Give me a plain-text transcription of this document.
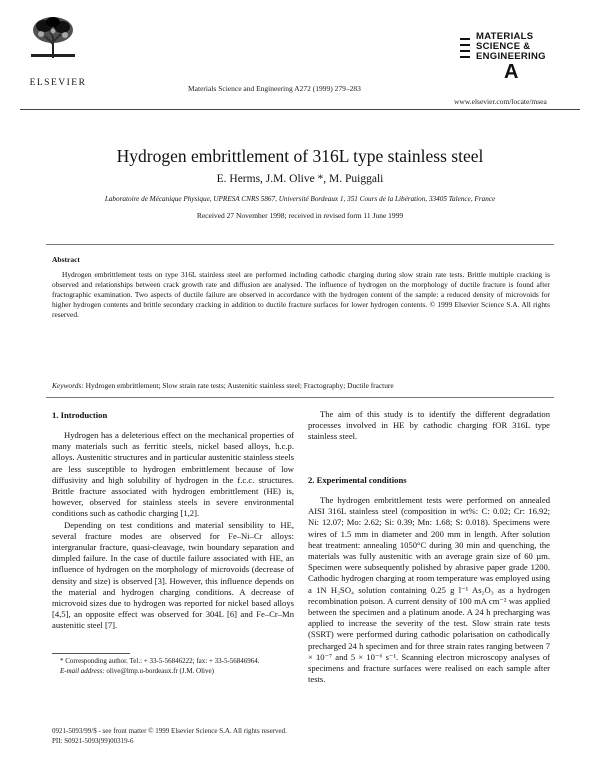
ELSEVIER
Materials Science and Engineering A272 (1999) 279–283
MATERIALS
SCIENCE &
ENGINEERING
A
www.elsevier.com/locate/msea
Hydrogen embrittlement of 316L type stainless steel
E. Herms, J.M. Olive *, M. Puiggali
Laboratoire de Mécanique Physique, UPRESA CNRS 5867, Université Bordeaux 1, 351 Cours de la Libération, 33405 Talence, France
Received 27 November 1998; received in revised form 11 June 1999
Abstract
Hydrogen embrittlement tests on type 316L stainless steel are performed including cathodic charging during slow strain rate tests. Brittle multiple cracking is observed and relationships between crack growth rate and diffusion are analysed. The influence of hydrogen on the morphology of ductile fracture is found after fractographic examination. Two aspects of ductile failure are observed in accordance with the hydrogen content of the sample: a reduced density of microvoids for higher hydrogen contents and brittle secondary cracking in addition to ductile fracture surfaces for lower hydrogen contents. © 1999 Elsevier Science S.A. All rights reserved.
Keywords: Hydrogen embrittlement; Slow strain rate tests; Austenitic stainless steel; Fractography; Ductile fracture
1. Introduction

Hydrogen has a deleterious effect on the mechanical properties of many materials such as ferritic steels, nickel based alloys, h.c.p. alloys. Austenitic structures and in particular austenitic stainless steels are less susceptible to hydrogen embrittlement because of low diffusivity and high solubility of hydrogen in the f.c.c. structures. Brittle fracture associated with hydrogen embrittlement (HE) is, however, observed for stainless steels in severe environmental conditions such as cathodic charging [1,2].

Depending on test conditions and material sensibility to HE, several fracture modes are observed for Fe–Ni–Cr alloys: intergranular fracture, quasi-cleavage, twin boundary separation and dimpled failure. In the case of ductile failure associated with HE, an influence of hydrogen on the morphology of microvoids (decrease of density and size) is observed [3]. However, this influence depends on the material and hydrogen charging conditions. A decrease of microvoid sizes due to hydrogen was reported for nickel based alloys [4,5], an opposite effect was observed for 304L [6] and Fe–Cr–Mn austenitic steel [7].

* Corresponding author. Tel.: + 33-5-56846222; fax: + 33-5-56846964.
E-mail address: olive@lmp.u-bordeaux.fr (J.M. Olive)

The aim of this study is to identify the different degradation processes involved in HE by cathodic charging fOR 316L type stainless steel.

2. Experimental conditions

The hydrogen embrittlement tests were performed on annealed AISI 316L stainless steel (composition in wt%: C: 0.02; Cr: 16.92; Ni: 12.07; Mo: 2.62; Si: 0.39; Mn: 1.68; S: 0.018). Specimens were wires of 1.5 mm in diameter and 200 mm in length. After solution heat treatment: annealing 1050°C during 30 min and quenching, the materials was fully austenitic with an average grain size of 60 µm. Specimen were subsequently polished by abrasive paper grade 1200. Cathodic hydrogen charging at room temperature was employed using a 1N H₂SO₄ solution containing 0.25 g l⁻¹ As₂O₃ as a hydrogen recombination poison. A current density of 100 mA cm⁻² was applied between the specimen and a platinum anode. A 24 h precharging was applied to increase the severity of the test. Slow strain rate tests (SSRT) were performed during cathodic polarisation on cathodically precharged 24 h specimen and for three strain rates ranging between 7 × 10⁻⁷ and 5 × 10⁻⁶ s⁻¹. Scanning electron microscopy analyses of specimens and fracture surfaces were realised on each sample after tests.

0921-5093/99/$ - see front matter © 1999 Elsevier Science S.A. All rights reserved.
PII: S0921-5093(99)00319-6
